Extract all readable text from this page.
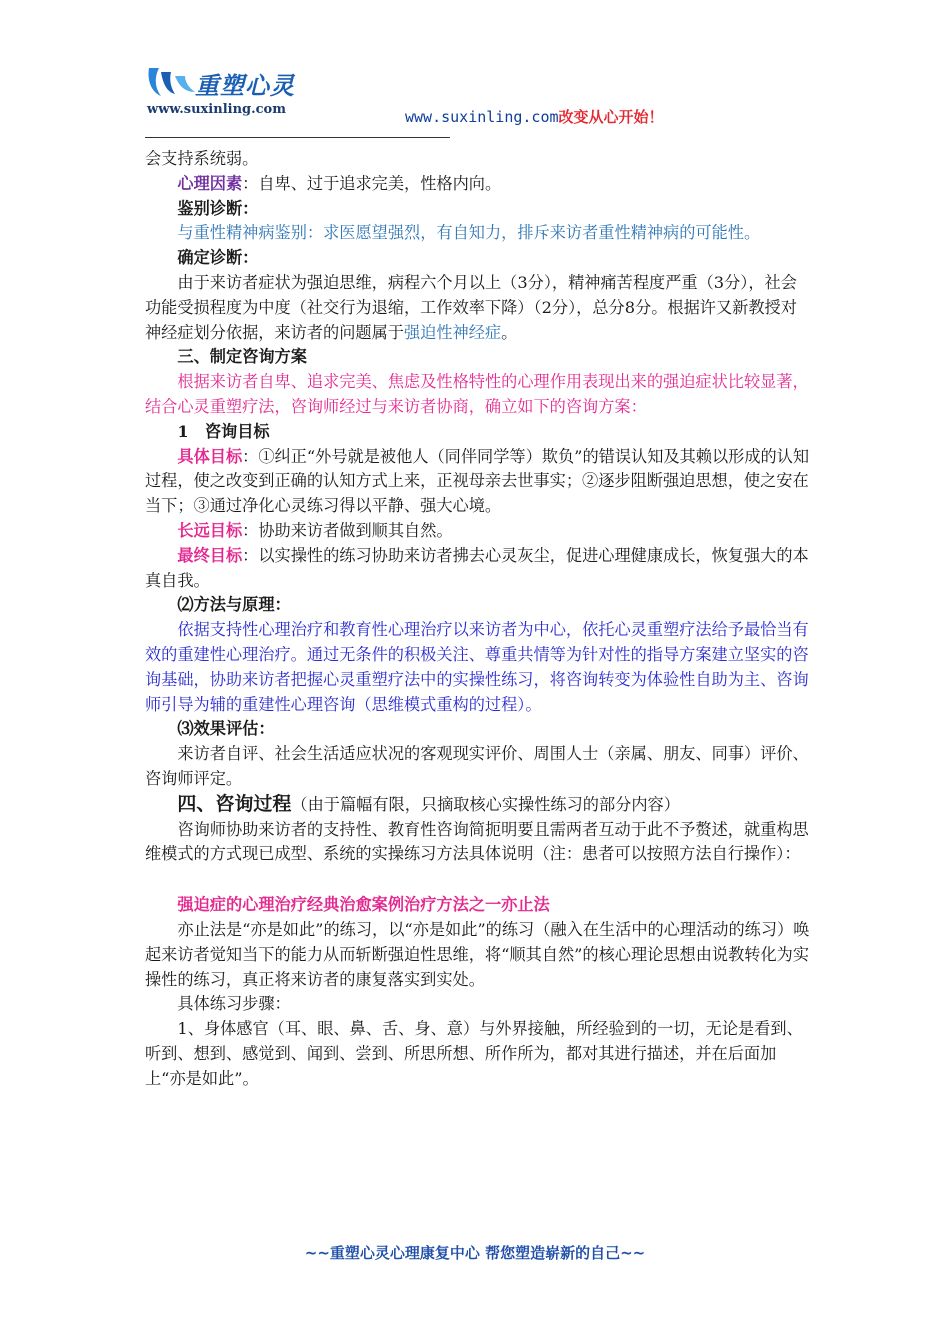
重塑心灵
www.suxinling.com	www.suxinling.com改变从心开始！

会支持系统弱。

心理因素：自卑、过于追求完美，性格内向。

鉴别诊断：

与重性精神病鉴别：求医愿望强烈，有自知力，排斥来访者重性精神病的可能性。

确定诊断：

由于来访者症状为强迫思维，病程六个月以上（3分），精神痛苦程度严重（3分），社会功能受损程度为中度（社交行为退缩，工作效率下降）（2分），总分8分。根据许又新教授对神经症划分依据，来访者的问题属于强迫性神经症。

三、制定咨询方案

根据来访者自卑、追求完美、焦虑及性格特性的心理作用表现出来的强迫症状比较显著，结合心灵重塑疗法，咨询师经过与来访者协商，确立如下的咨询方案：

1　咨询目标

具体目标：①纠正“外号就是被他人（同伴同学等）欺负”的错误认知及其赖以形成的认知过程，使之改变到正确的认知方式上来，正视母亲去世事实；②逐步阻断强迫思想，使之安在当下；③通过净化心灵练习得以平静、强大心境。

长远目标：协助来访者做到顺其自然。

最终目标：以实操性的练习协助来访者拂去心灵灰尘，促进心理健康成长，恢复强大的本真自我。

⑵方法与原理：

依据支持性心理治疗和教育性心理治疗以来访者为中心，依托心灵重塑疗法给予最恰当有效的重建性心理治疗。通过无条件的积极关注、尊重共情等为针对性的指导方案建立坚实的咨询基础，协助来访者把握心灵重塑疗法中的实操性练习，将咨询转变为体验性自助为主、咨询师引导为辅的重建性心理咨询（思维模式重构的过程）。

⑶效果评估：

来访者自评、社会生活适应状况的客观现实评价、周围人士（亲属、朋友、同事）评价、咨询师评定。

四、咨询过程（由于篇幅有限，只摘取核心实操性练习的部分内容）

咨询师协助来访者的支持性、教育性咨询简扼明要且需两者互动于此不予赘述，就重构思维模式的方式现已成型、系统的实操练习方法具体说明（注：患者可以按照方法自行操作）：

强迫症的心理治疗经典治愈案例治疗方法之一亦止法

亦止法是“亦是如此”的练习，以“亦是如此”的练习（融入在生活中的心理活动的练习）唤起来访者觉知当下的能力从而斩断强迫性思维，将“顺其自然”的核心理论思想由说教转化为实操性的练习，真正将来访者的康复落实到实处。

具体练习步骤：

1、身体感官（耳、眼、鼻、舌、身、意）与外界接触，所经验到的一切，无论是看到、听到、想到、感觉到、闻到、尝到、所思所想、所作所为，都对其进行描述，并在后面加上“亦是如此”。

~~重塑心灵心理康复中心 帮您塑造崭新的自己~~
